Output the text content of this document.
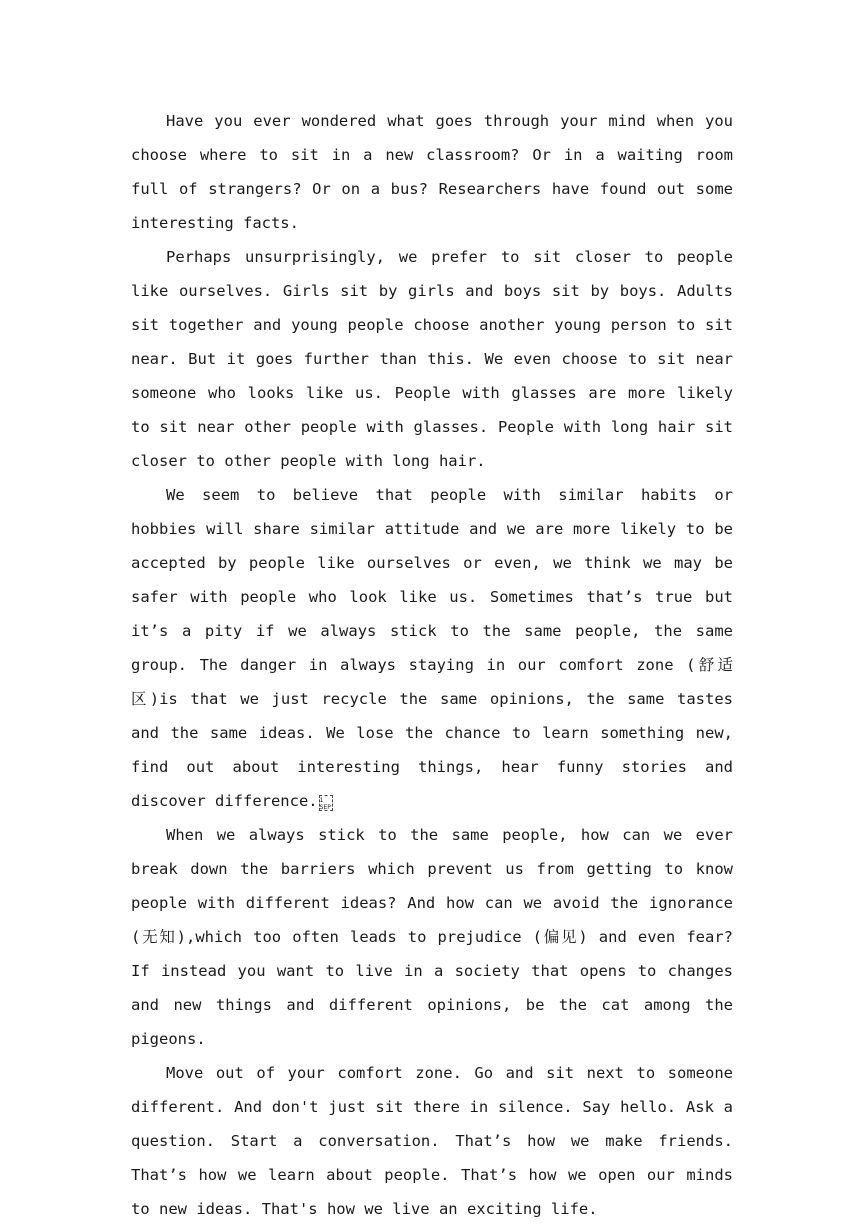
Have you ever wondered what goes through your mind when you choose where to sit in a new classroom? Or in a waiting room full of strangers? Or on a bus? Researchers have found out some interesting facts.

Perhaps unsurprisingly, we prefer to sit closer to people like ourselves. Girls sit by girls and boys sit by boys. Adults sit together and young people choose another young person to sit near. But it goes further than this. We even choose to sit near someone who looks like us. People with glasses are more likely to sit near other people with glasses. People with long hair sit closer to other people with long hair.

We seem to believe that people with similar habits or hobbies will share similar attitude and we are more likely to be accepted by people like ourselves or even, we think we may be safer with people who look like us. Sometimes that’s true but it’s a pity if we always stick to the same people, the same group. The danger in always staying in our comfort zone (舒适区)is that we just recycle the same opinions, the same tastes and the same ideas. We lose the chance to learn something new, find out about interesting things, hear funny stories and discover difference. 1
SEP

When we always stick to the same people, how can we ever break down the barriers which prevent us from getting to know people with different ideas? And how can we avoid the ignorance (无知),which too often leads to prejudice (偏见) and even fear? If instead you want to live in a society that opens to changes and new things and different opinions, be the cat among the pigeons.

Move out of your comfort zone. Go and sit next to someone different. And don't just sit there in silence. Say hello. Ask a question. Start a conversation. That’s how we make friends. That’s how we learn about people. That’s how we open our minds to new ideas. That's how we live an exciting life.
